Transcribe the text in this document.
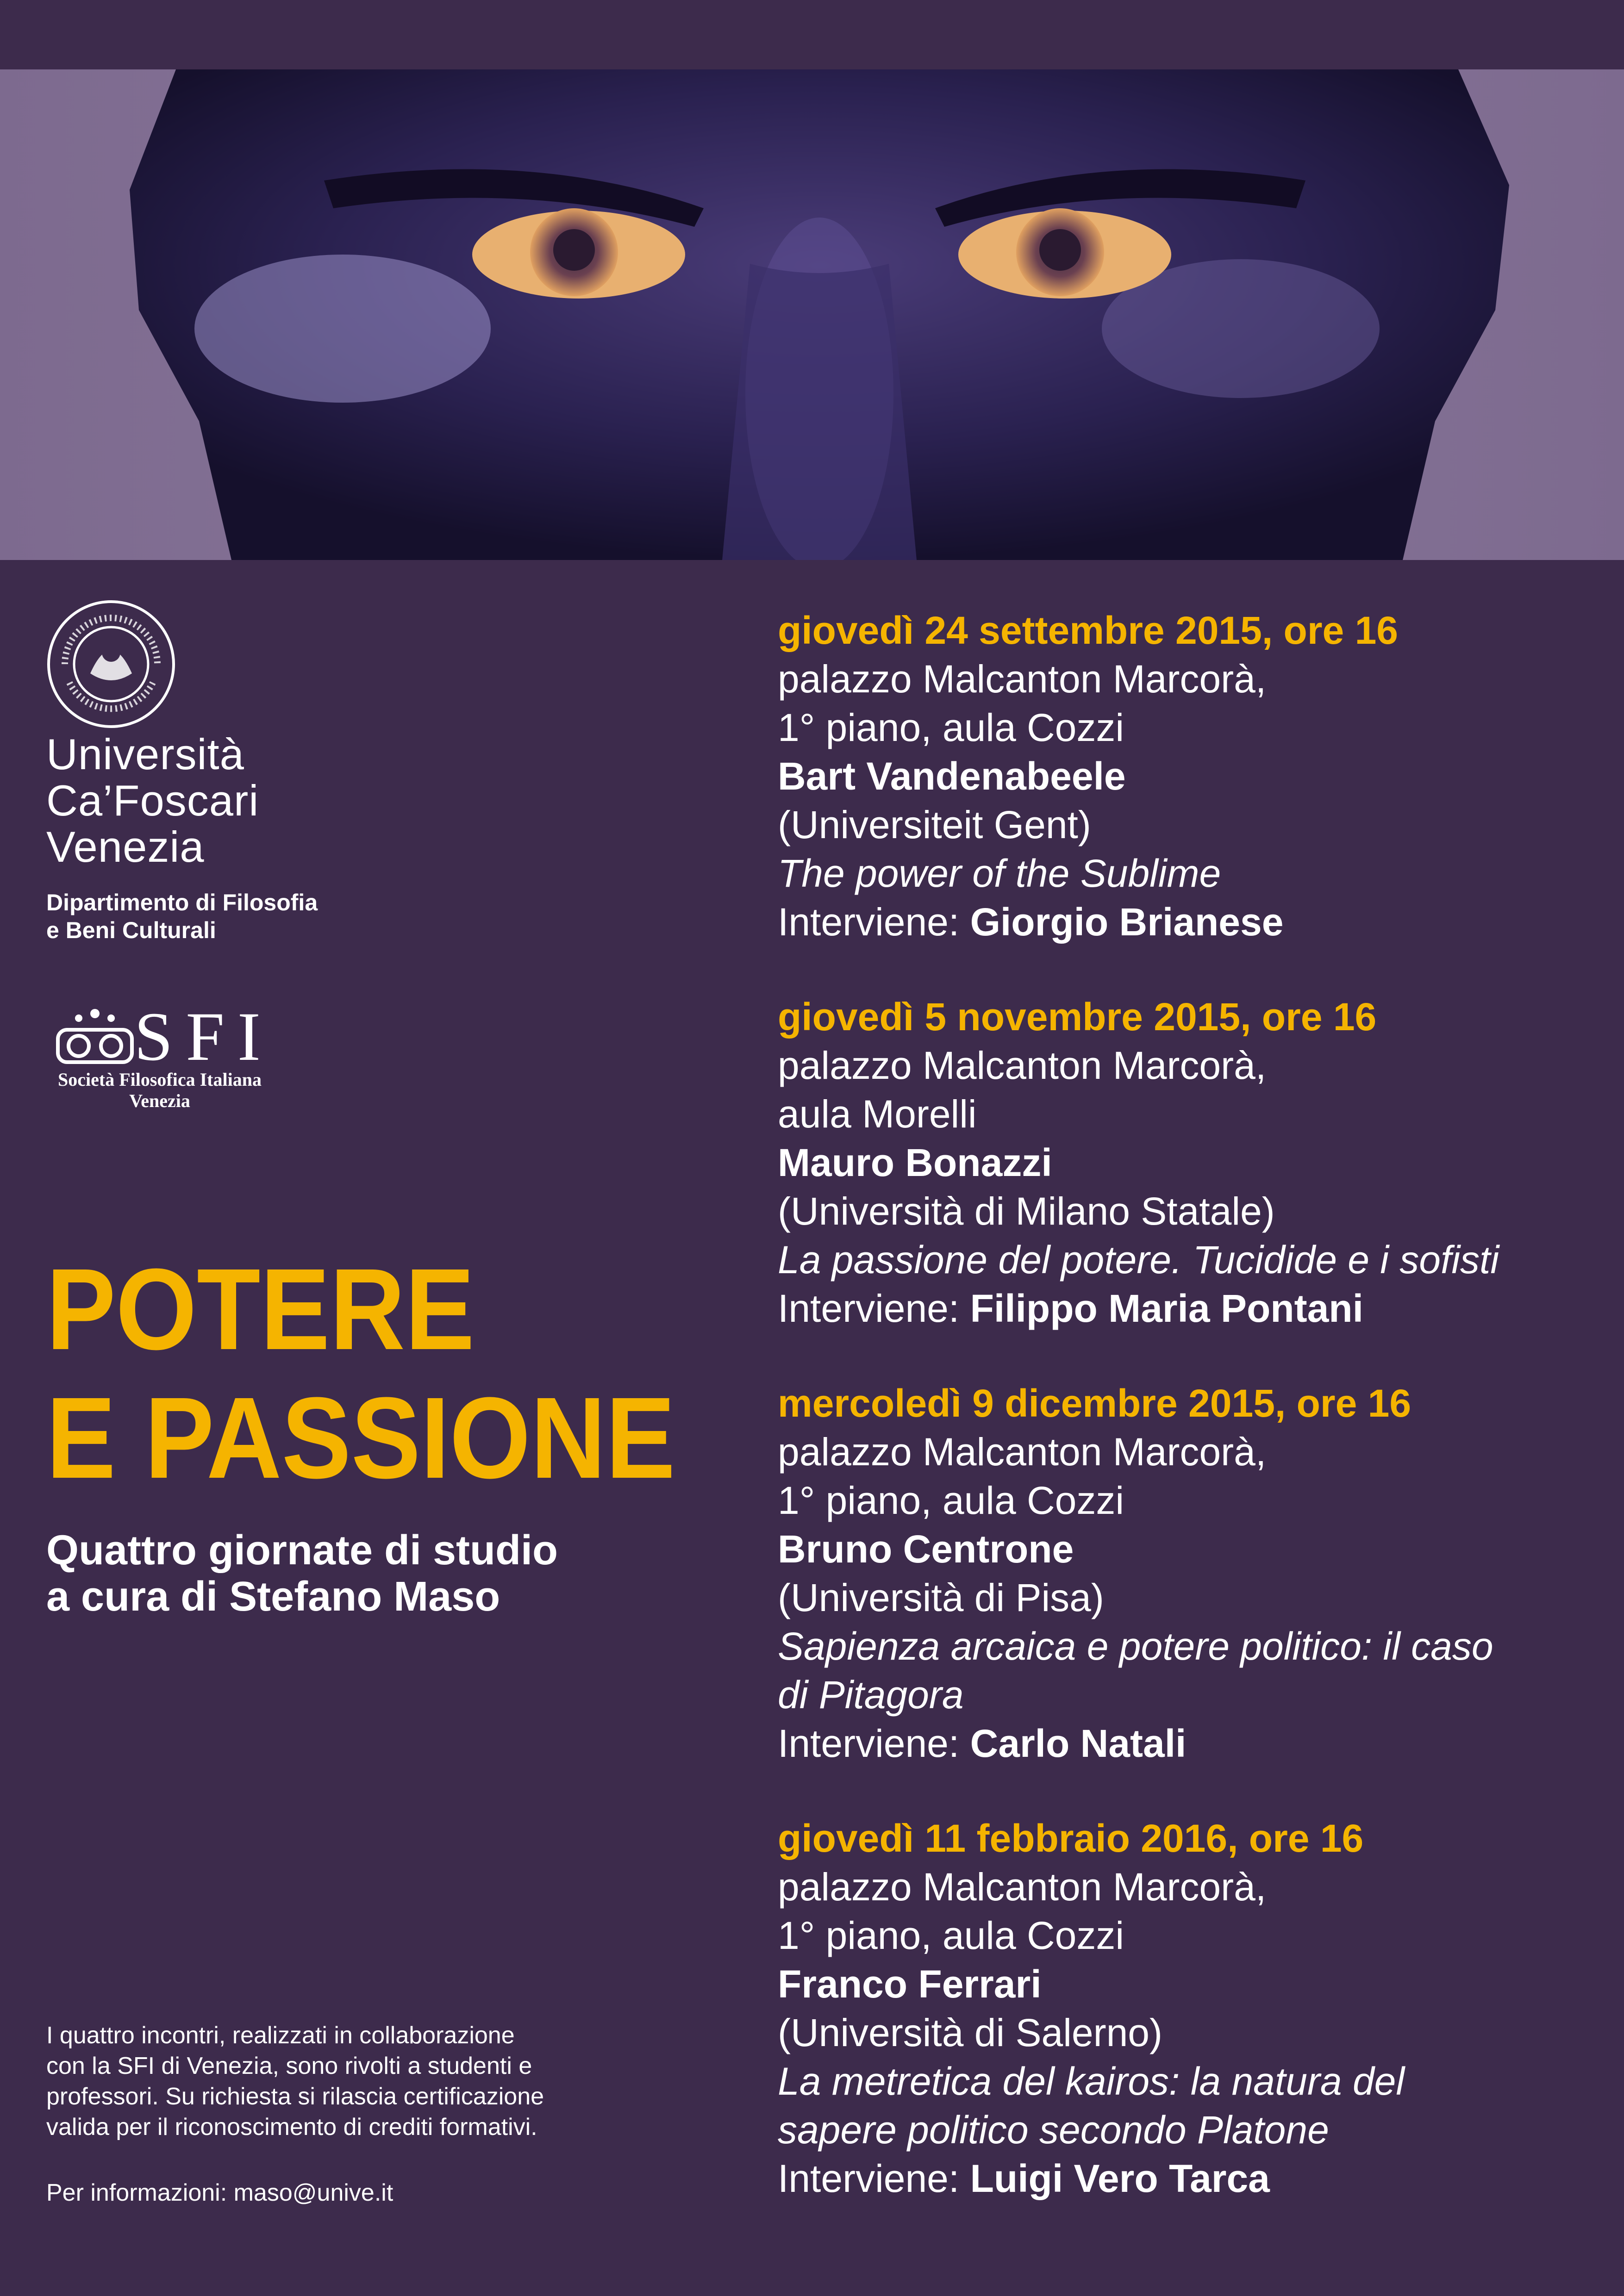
Università
Ca’Foscari
Venezia
Dipartimento di Filosofia
e Beni Culturali
SFI
Società Filosofica Italiana
Venezia
POTERE
E PASSIONE
Quattro giornate di studio
a cura di Stefano Maso
I quattro incontri, realizzati in collaborazione
con la SFI di Venezia, sono rivolti a studenti e
professori. Su richiesta si rilascia certificazione
valida per il riconoscimento di crediti formativi.
Per informazioni: maso@unive.it
giovedì 24 settembre 2015, ore 16
palazzo Malcanton Marcorà,
1° piano, aula Cozzi
Bart Vandenabeele
(Universiteit Gent)
The power of the Sublime
Interviene: Giorgio Brianese
giovedì 5 novembre 2015, ore 16
palazzo Malcanton Marcorà,
aula Morelli
Mauro Bonazzi
(Università di Milano Statale)
La passione del potere. Tucidide e i sofisti
Interviene: Filippo Maria Pontani
mercoledì 9 dicembre 2015, ore 16
palazzo Malcanton Marcorà,
1° piano, aula Cozzi
Bruno Centrone
(Università di Pisa)
Sapienza arcaica e potere politico: il caso
di Pitagora
Interviene: Carlo Natali
giovedì 11 febbraio 2016, ore 16
palazzo Malcanton Marcorà,
1° piano, aula Cozzi
Franco Ferrari
(Università di Salerno)
La metretica del kairos: la natura del
sapere politico secondo Platone
Interviene: Luigi Vero Tarca
